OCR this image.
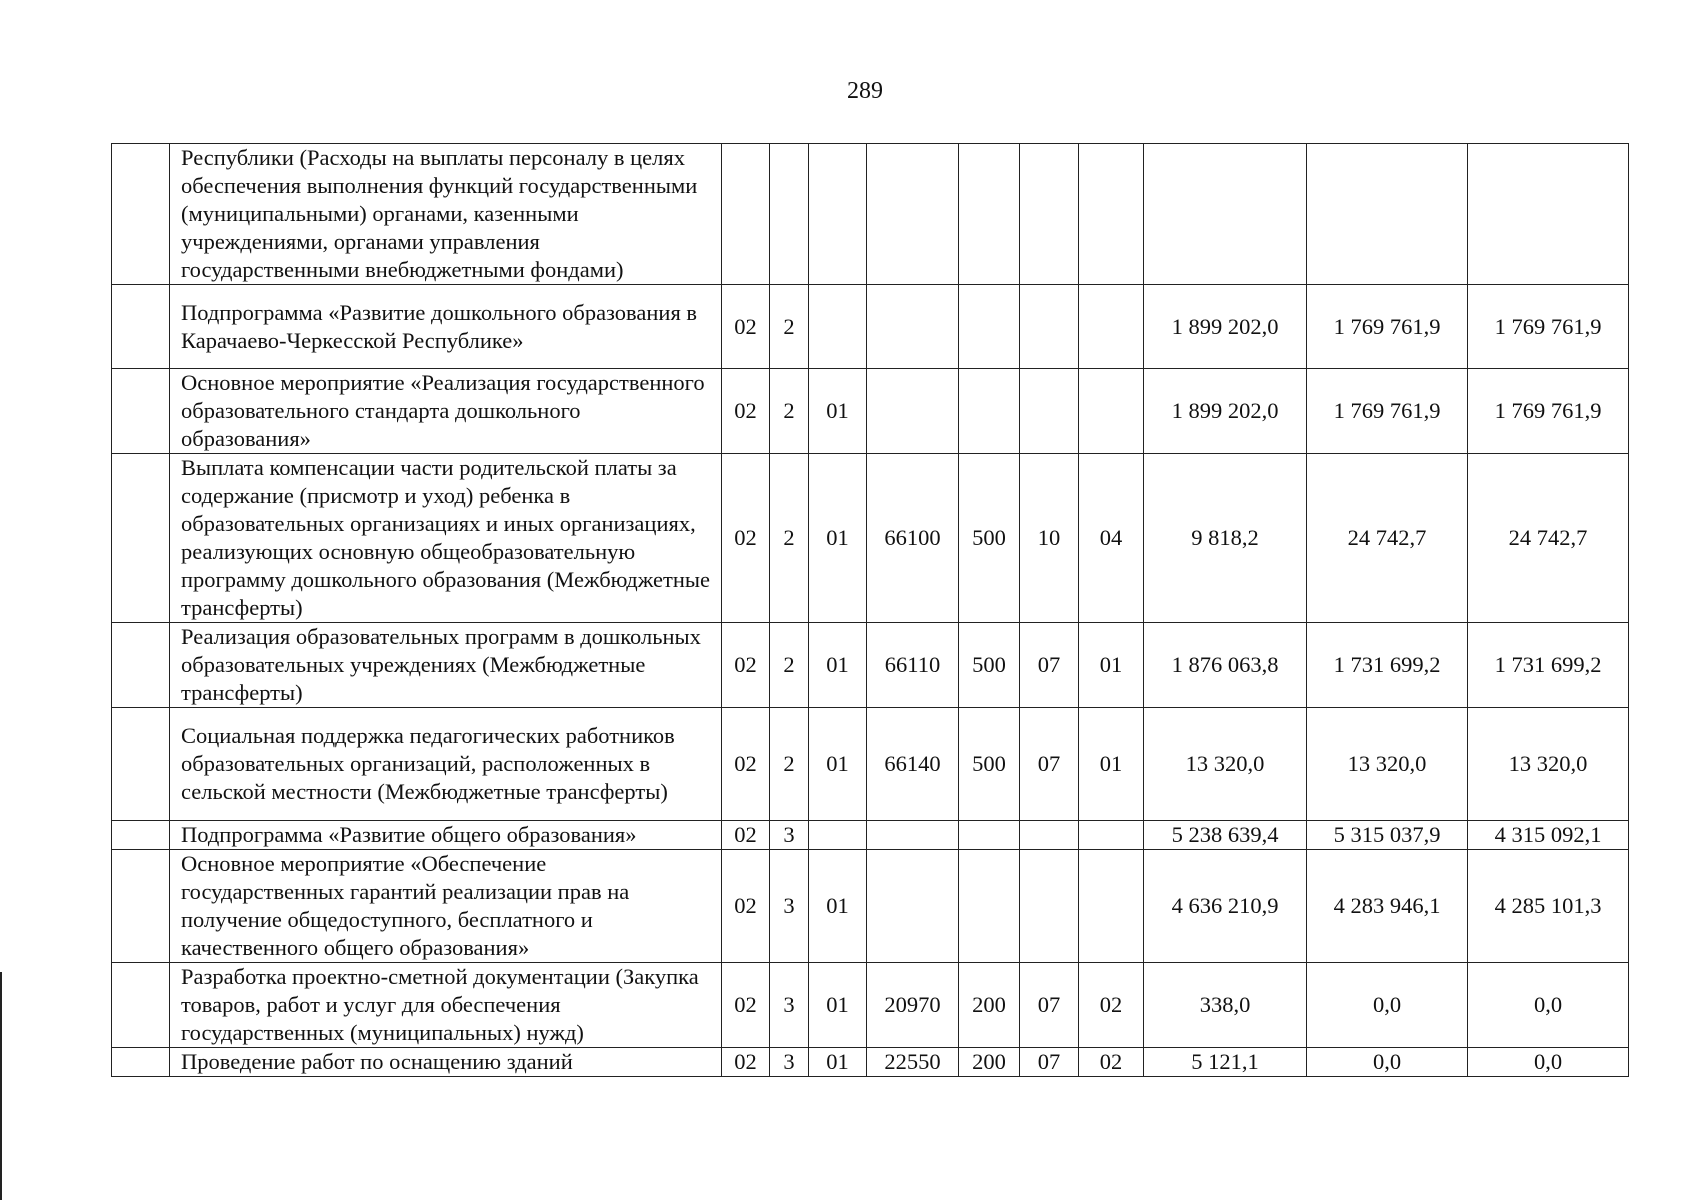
289
	Республики (Расходы на выплаты персоналу в целях обеспечения выполнения функций государственными (муниципальными) органами, казенными учреждениями, органами управления государственными внебюджетными фондами)										
	Подпрограмма «Развитие дошкольного образования в Карачаево-Черкесской Республике»	02	2						1 899 202,0	1 769 761,9	1 769 761,9
	Основное мероприятие «Реализация государственного образовательного стандарта дошкольного образования»	02	2	01					1 899 202,0	1 769 761,9	1 769 761,9
	Выплата компенсации части родительской платы за содержание (присмотр и уход) ребенка в образовательных организациях и иных организациях, реализующих основную общеобразовательную программу дошкольного образования (Межбюджетные трансферты)	02	2	01	66100	500	10	04	9 818,2	24 742,7	24 742,7
	Реализация образовательных программ в дошкольных образовательных учреждениях (Межбюджетные трансферты)	02	2	01	66110	500	07	01	1 876 063,8	1 731 699,2	1 731 699,2
	Социальная поддержка педагогических работников образовательных организаций, расположенных в сельской местности (Межбюджетные трансферты)	02	2	01	66140	500	07	01	13 320,0	13 320,0	13 320,0
	Подпрограмма «Развитие общего образования»	02	3						5 238 639,4	5 315 037,9	4 315 092,1
	Основное мероприятие «Обеспечение государственных гарантий реализации прав на получение общедоступного, бесплатного и качественного общего образования»	02	3	01					4 636 210,9	4 283 946,1	4 285 101,3
	Разработка проектно-сметной документации (Закупка товаров, работ и услуг для обеспечения государственных (муниципальных) нужд)	02	3	01	20970	200	07	02	338,0	0,0	0,0
	Проведение работ по оснащению зданий	02	3	01	22550	200	07	02	5 121,1	0,0	0,0
